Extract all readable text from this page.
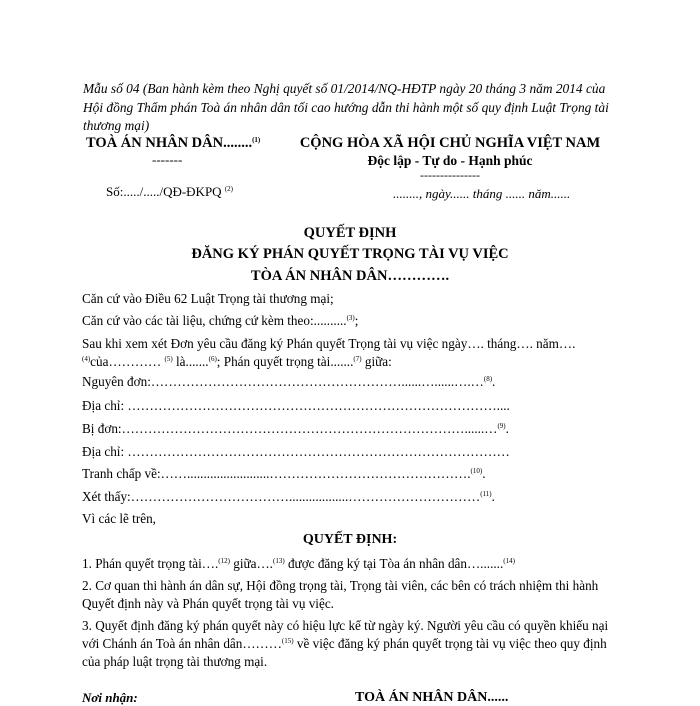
Mẫu số 04 (Ban hành kèm theo Nghị quyết số 01/2014/NQ-HĐTP ngày 20 tháng 3 năm 2014 của Hội đồng Thẩm phán Toà án nhân dân tối cao hướng dẫn thi hành một số quy định Luật Trọng tài thương mại)
TOÀ ÁN NHÂN DÂN........$^{(1)}$
-------
CỘNG HÒA XÃ HỘI CHỦ NGHĨA VIỆT NAM
Độc lập - Tự do - Hạnh phúc
---------------
Số:...../...../QĐ-ĐKPQ $^{(2)}$	........, ngày...... tháng ...... năm......
QUYẾT ĐỊNH
ĐĂNG KÝ PHÁN QUYẾT TRỌNG TÀI VỤ VIỆC
TÒA ÁN NHÂN DÂN………….
Căn cứ vào Điều 62 Luật Trọng tài thương mại;
Căn cứ vào các tài liệu, chứng cứ kèm theo:..........$^{(3)}$;
Sau khi xem xét Đơn yêu cầu đăng ký Phán quyết Trọng tài vụ việc ngày…. tháng…. năm…. $^{(4)}$của………… $^{(5)}$ là.......$^{(6)}$; Phán quyết trọng tài.......$^{(7)}$ giữa:
Nguyên đơn:…………………………………………………......…......….…$^{(8)}$.
Địa chỉ: …………………………………………………………………………....
Bị đơn:……………………………………………………………………......…$^{(9)}$.
Địa chỉ: ……………………………………………………………………………
Tranh chấp về:…….........................……………………………………….$^{(10)}$.
Xét thấy:………………………………..................…………………………$^{(11)}$.
Vì các lẽ trên,
QUYẾT ĐỊNH:
1. Phán quyết trọng tài….$^{(12)}$ giữa….$^{(13)}$ được đăng ký tại Tòa án nhân dân….......$^{(14)}$
2. Cơ quan thi hành án dân sự, Hội đồng trọng tài, Trọng tài viên, các bên có trách nhiệm thi hành Quyết định này và Phán quyết trọng tài vụ việc.
3. Quyết định đăng ký phán quyết này có hiệu lực kể từ ngày ký. Người yêu cầu có quyền khiếu nại với Chánh án Toà án nhân dân………$^{(15)}$ về việc đăng ký phán quyết trọng tài vụ việc theo quy định của pháp luật trọng tài thương mại.
Nơi nhận:	TOÀ ÁN NHÂN DÂN......
